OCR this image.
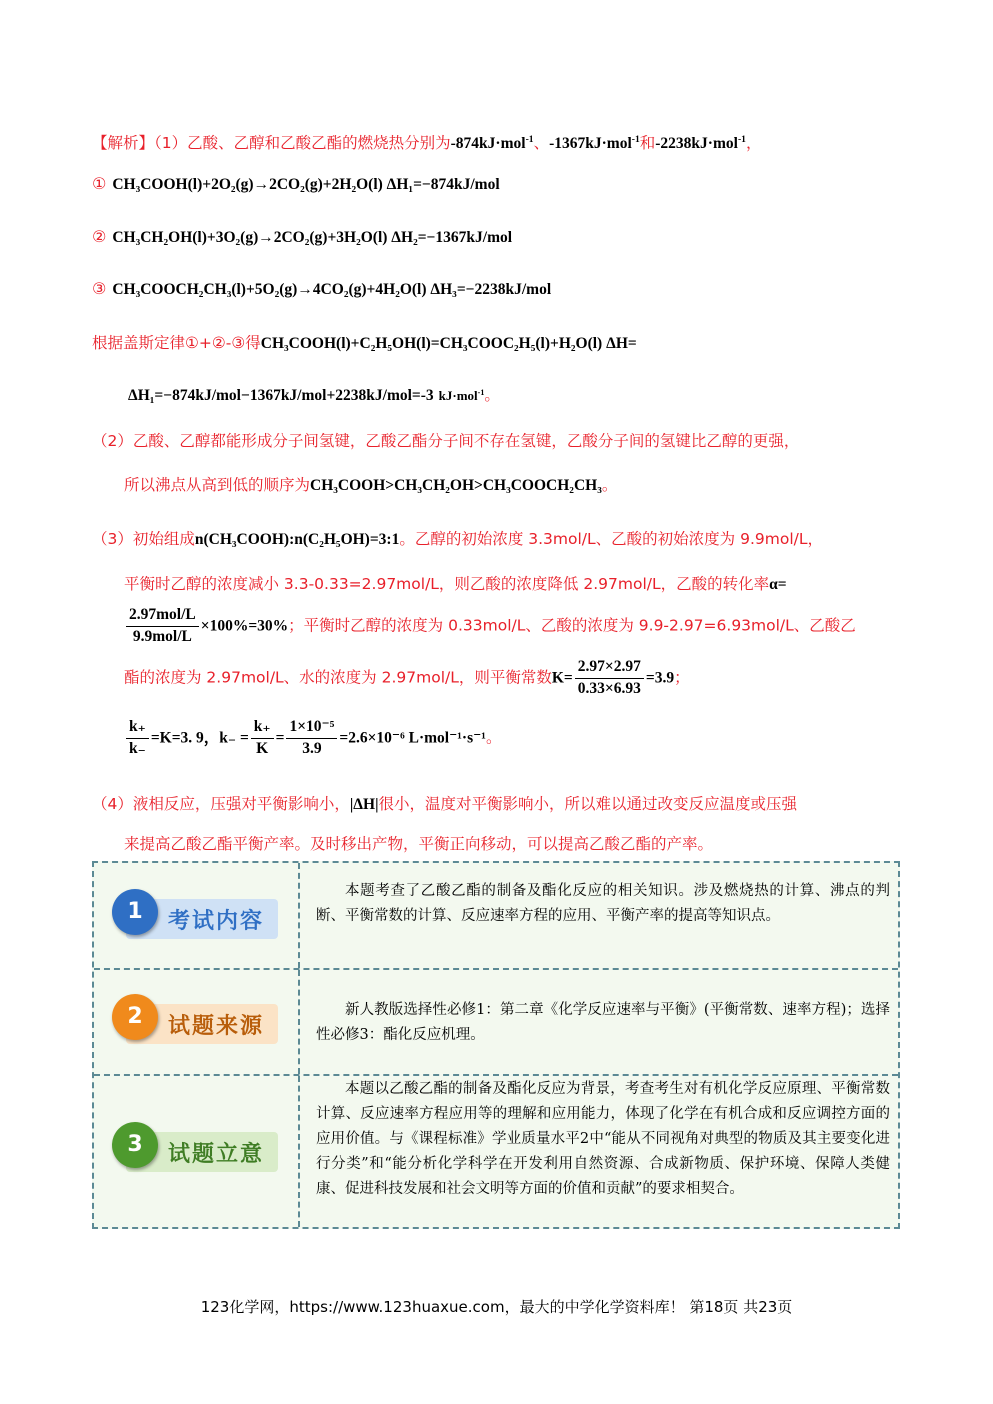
【解析】（1）乙酸、乙醇和乙酸乙酯的燃烧热分别为-874kJ·mol$^{-1}$、-1367kJ·mol$^{-1}$和-2238kJ·mol$^{-1}$，
① CH₃COOH(l)+2O₂(g)→2CO₂(g)+2H₂O(l) ΔH₁=−874kJ/mol
② CH₃CH₂OH(l)+3O₂(g)→2CO₂(g)+3H₂O(l) ΔH₂=−1367kJ/mol
③ CH₃COOCH₂CH₃(l)+5O₂(g)→4CO₂(g)+4H₂O(l) ΔH₃=−2238kJ/mol
根据盖斯定律①+②-③得CH₃COOH(l)+C₂H₅OH(l)=CH₃COOC₂H₅(l)+H₂O(l) ΔH=
ΔH₁=−874kJ/mol−1367kJ/mol+2238kJ/mol=-3 kJ·mol$^{-1}$。
（2）乙酸、乙醇都能形成分子间氢键，乙酸乙酯分子间不存在氢键，乙酸分子间的氢键比乙醇的更强，
所以沸点从高到低的顺序为CH₃COOH>CH₃CH₂OH>CH₃COOCH₂CH₃。
（3）初始组成n(CH₃COOH):n(C₂H₅OH)=3:1。乙醇的初始浓度 3.3mol/L、乙酸的初始浓度为 9.9mol/L，
平衡时乙醇的浓度减小 3.3-0.33=2.97mol/L，则乙酸的浓度降低 2.97mol/L，乙酸的转化率α=
$\frac{\text{2.97mol/L}}{\text{9.9mol/L}} \times 100\%=30\%$；平衡时乙醇的浓度为 0.33mol/L、乙酸的浓度为 9.9-2.97=6.93mol/L、乙酸乙
酯的浓度为 2.97mol/L、水的浓度为 2.97mol/L，则平衡常数$K= \frac{2.97\times 2.97}{0.33\times 6.93} =3.9$；
$\frac{k_+}{k_-} =K=3$. 9，$k_- = \frac{k_+}{K} = \frac{\text{1×10⁻⁵}}{3.9} =2.6\times 10^{-6}$ L·mol⁻¹·s⁻¹。
（4）液相反应，压强对平衡影响小，|ΔH|很小，温度对平衡影响小，所以难以通过改变反应温度或压强
来提高乙酸乙酯平衡产率。及时移出产物，平衡正向移动，可以提高乙酸乙酯的产率。
1	考试内容
本题考查了乙酸乙酯的制备及酯化反应的相关知识。涉及燃烧热的计算、沸点的判断、平衡常数的计算、反应速率方程的应用、平衡产率的提高等知识点。
2	试题来源
新人教版选择性必修1：第二章《化学反应速率与平衡》(平衡常数、速率方程)；选择性必修3：酯化反应机理。
3	试题立意
本题以乙酸乙酯的制备及酯化反应为背景，考查考生对有机化学反应原理、平衡常数计算、反应速率方程应用等的理解和应用能力，体现了化学在有机合成和反应调控方面的应用价值。与《课程标准》学业质量水平2中“能从不同视角对典型的物质及其主要变化进行分类”和“能分析化学科学在开发利用自然资源、合成新物质、保护环境、保障人类健康、促进科技发展和社会文明等方面的价值和贡献”的要求相契合。
123化学网，https://www.123huaxue.com，最大的中学化学资料库！ 第18页 共23页
